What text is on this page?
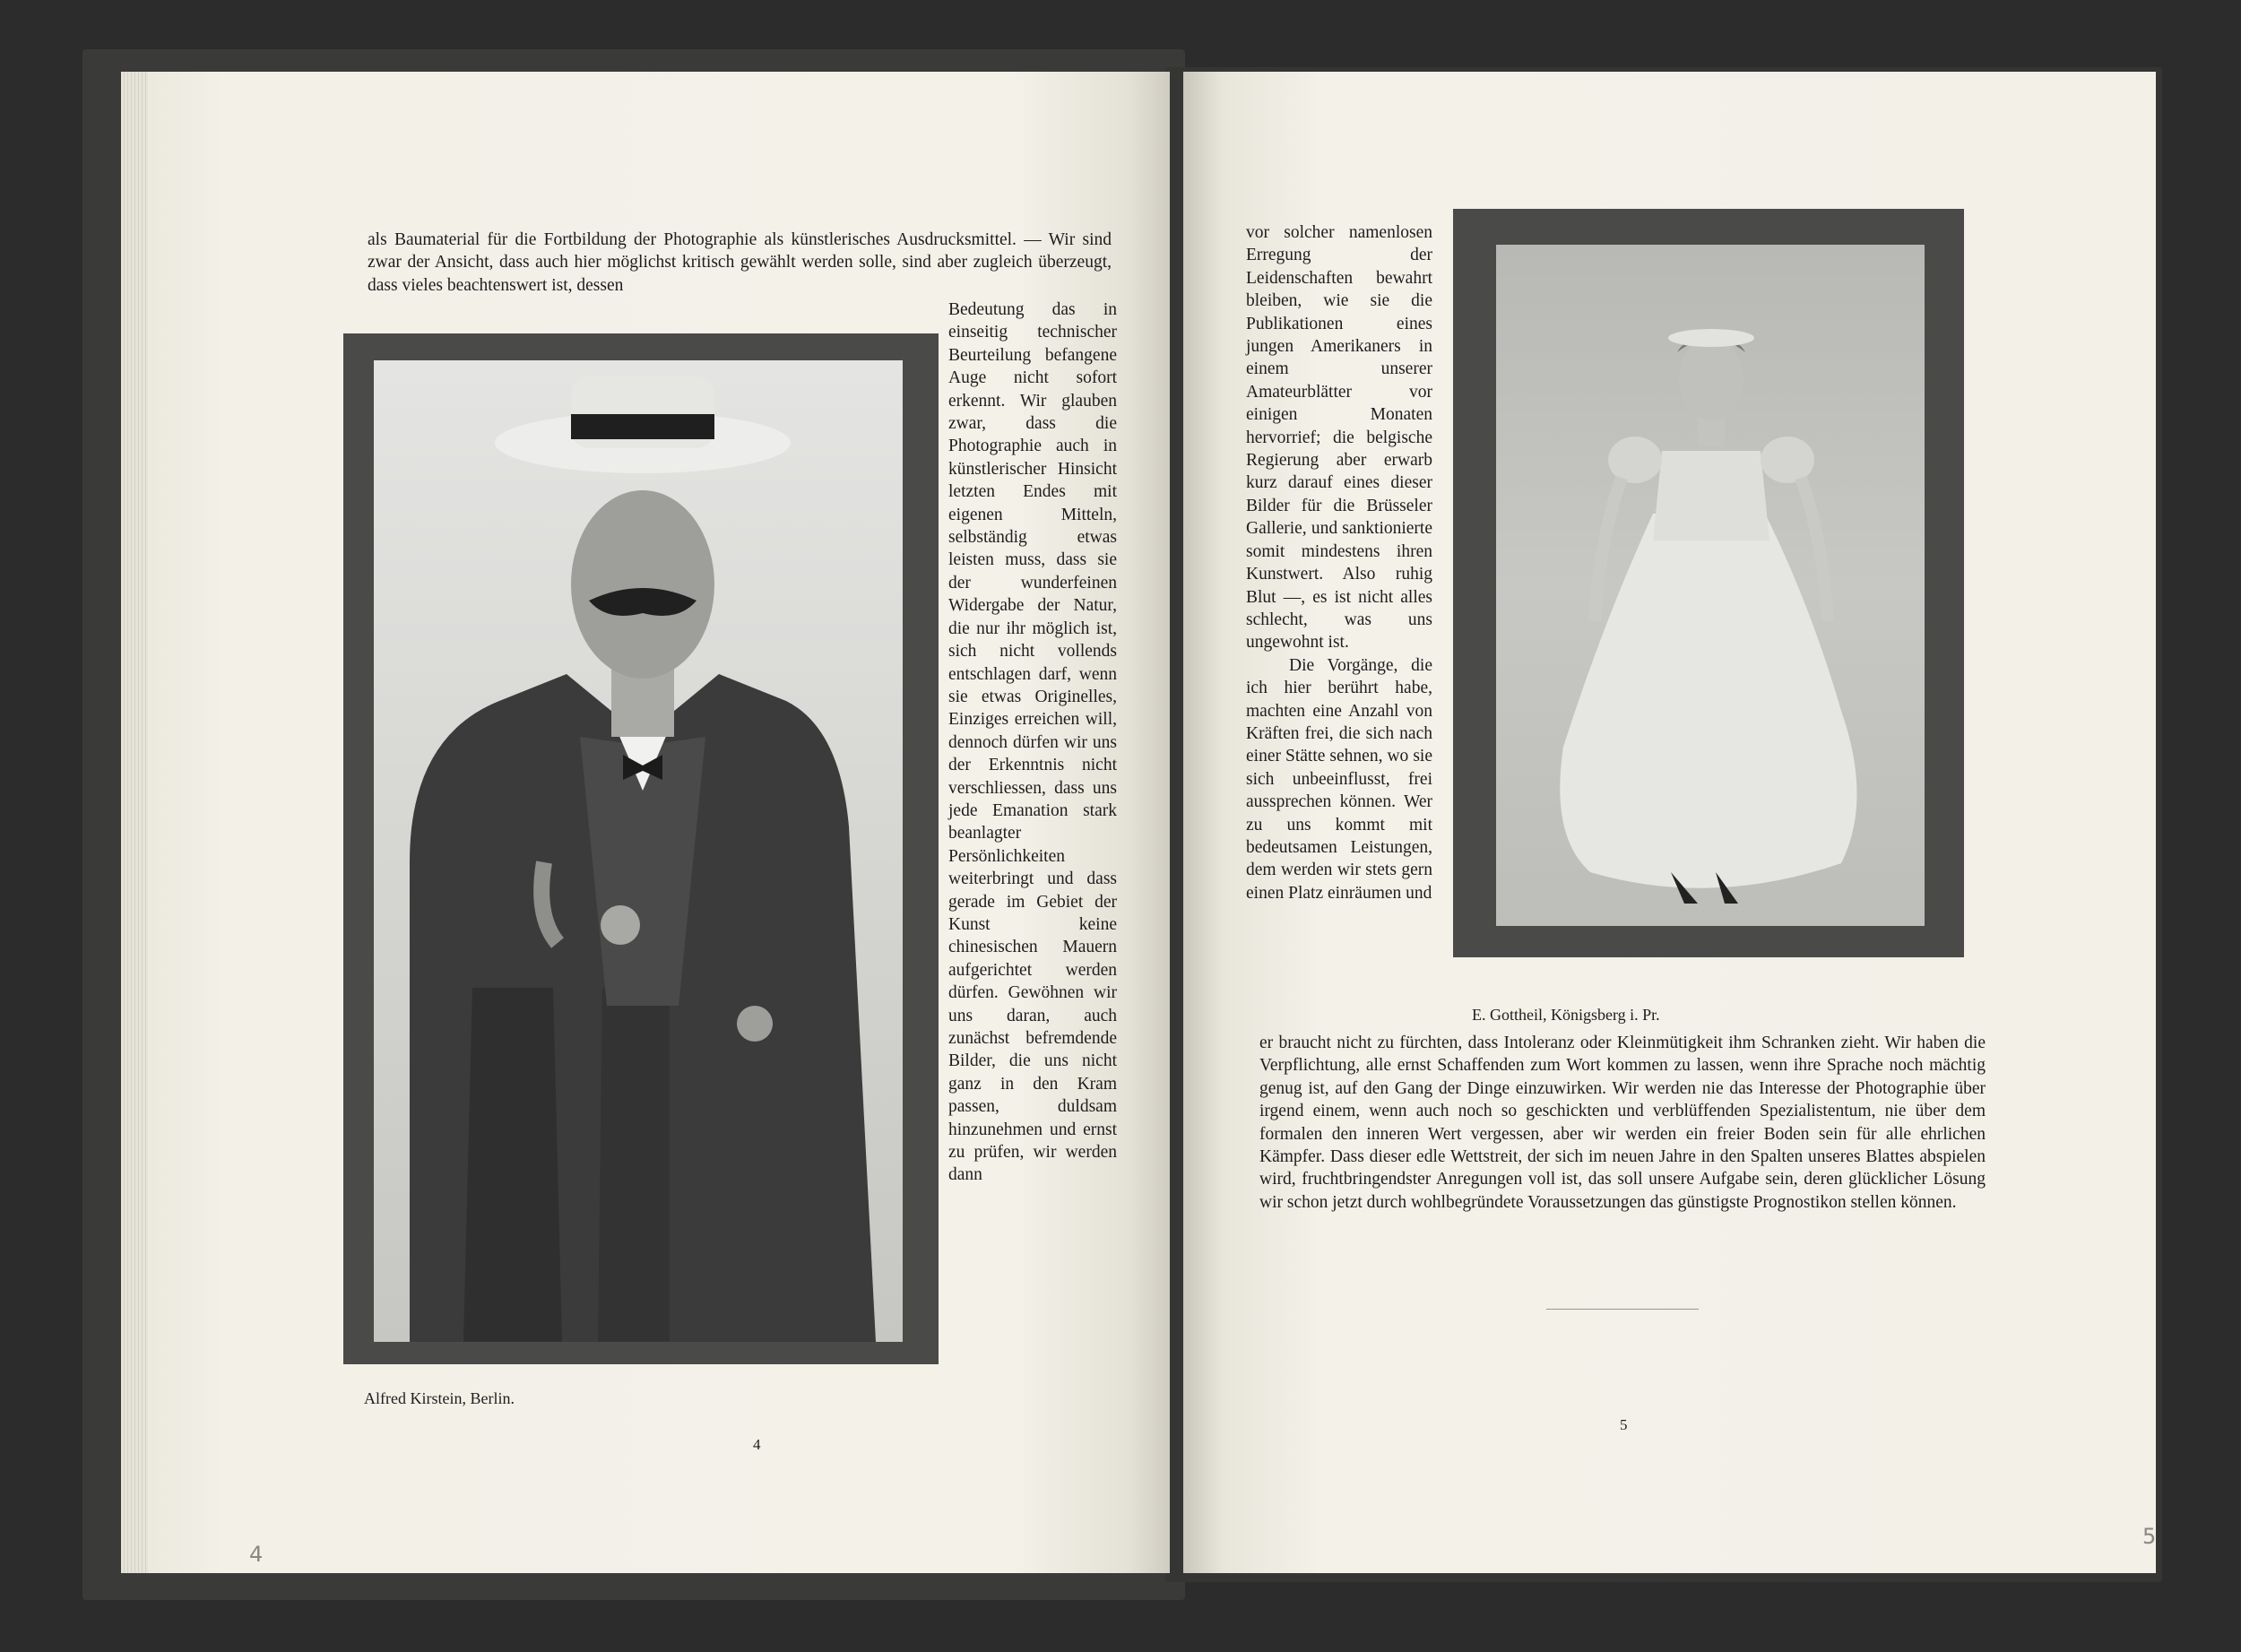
als Baumaterial für die Fortbildung der Photographie als künstlerisches Ausdrucksmittel. — Wir sind zwar der Ansicht, dass auch hier möglichst kritisch gewählt werden solle, sind aber zugleich überzeugt, dass vieles beachtenswert ist, dessen
Bedeutung das in einseitig technischer Beurteilung befangene Auge nicht sofort erkennt. Wir glauben zwar, dass die Photographie auch in künstlerischer Hinsicht letzten Endes mit eigenen Mitteln, selbständig etwas leisten muss, dass sie der wunderfeinen Widergabe der Natur, die nur ihr möglich ist, sich nicht vollends entschlagen darf, wenn sie etwas Originelles, Einziges erreichen will, dennoch dürfen wir uns der Erkenntnis nicht verschliessen, dass uns jede Emanation stark beanlagter Persönlichkeiten weiterbringt und dass gerade im Gebiet der Kunst keine chinesischen Mauern aufgerichtet werden dürfen. Gewöhnen wir uns daran, auch zunächst befremdende Bilder, die uns nicht ganz in den Kram passen, duldsam hinzunehmen und ernst zu prüfen, wir werden dann
Alfred Kirstein, Berlin.
4
4

vor solcher namenlosen Erregung der Leidenschaften bewahrt bleiben, wie sie die Publikationen eines jungen Amerikaners in einem unserer Amateurblätter vor einigen Monaten hervorrief; die belgische Regierung aber erwarb kurz darauf eines dieser Bilder für die Brüsseler Gallerie, und sanktionierte somit mindestens ihren Kunstwert. Also ruhig Blut —, es ist nicht alles schlecht, was uns ungewohnt ist.

Die Vorgänge, die ich hier berührt habe, machten eine Anzahl von Kräften frei, die sich nach einer Stätte sehnen, wo sie sich unbeeinflusst, frei aussprechen können. Wer zu uns kommt mit bedeutsamen Leistungen, dem werden wir stets gern einen Platz einräumen und

E. Gottheil, Königsberg i. Pr.
er braucht nicht zu fürchten, dass Intoleranz oder Kleinmütigkeit ihm Schranken zieht. Wir haben die Verpflichtung, alle ernst Schaffenden zum Wort kommen zu lassen, wenn ihre Sprache noch mächtig genug ist, auf den Gang der Dinge einzuwirken. Wir werden nie das Interesse der Photographie über irgend einem, wenn auch noch so geschickten und verblüffenden Spezialistentum, nie über dem formalen den inneren Wert vergessen, aber wir werden ein freier Boden sein für alle ehrlichen Kämpfer. Dass dieser edle Wettstreit, der sich im neuen Jahre in den Spalten unseres Blattes abspielen wird, fruchtbringendster Anregungen voll ist, das soll unsere Aufgabe sein, deren glücklicher Lösung wir schon jetzt durch wohlbegründete Voraussetzungen das günstigste Prognostikon stellen können.
5
5
